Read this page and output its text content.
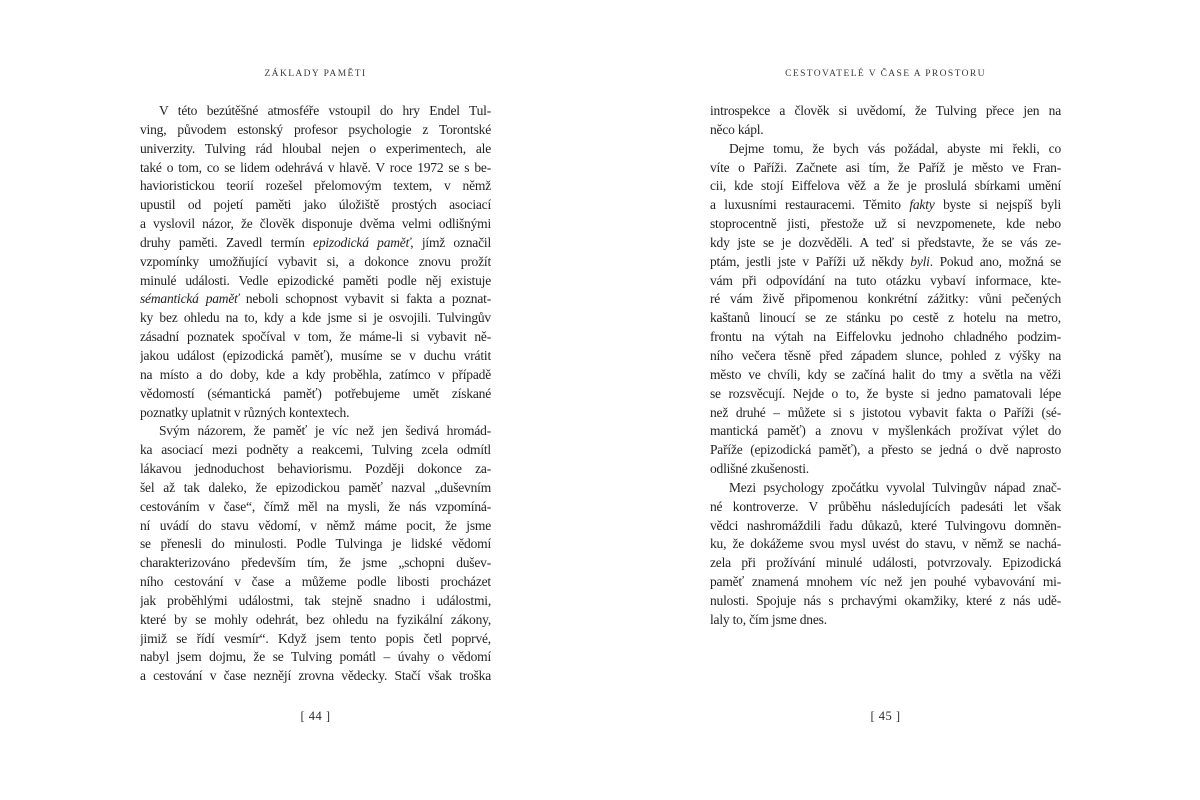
ZÁKLADY PAMĚTI
V této bezútěšné atmosféře vstoupil do hry Endel Tul-
ving, původem estonský profesor psychologie z Torontské
univerzity. Tulving rád hloubal nejen o experimentech, ale
také o tom, co se lidem odehrává v hlavě. V roce 1972 se s be-
havioristickou teorií rozešel přelomovým textem, v němž
upustil od pojetí paměti jako úložiště prostých asociací
a vyslovil názor, že člověk disponuje dvěma velmi odlišnými
druhy paměti. Zavedl termín epizodická paměť, jímž označil
vzpomínky umožňující vybavit si, a dokonce znovu prožít
minulé události. Vedle epizodické paměti podle něj existuje
sémantická paměť neboli schopnost vybavit si fakta a poznat-
ky bez ohledu na to, kdy a kde jsme si je osvojili. Tulvingův
zásadní poznatek spočíval v tom, že máme-li si vybavit ně-
jakou událost (epizodická paměť), musíme se v duchu vrátit
na místo a do doby, kde a kdy proběhla, zatímco v případě
vědomostí (sémantická paměť) potřebujeme umět získané
poznatky uplatnit v různých kontextech.
Svým názorem, že paměť je víc než jen šedivá hromád-
ka asociací mezi podněty a reakcemi, Tulving zcela odmítl
lákavou jednoduchost behaviorismu. Později dokonce za-
šel až tak daleko, že epizodickou paměť nazval „duševním
cestováním v čase“, čímž měl na mysli, že nás vzpomíná-
ní uvádí do stavu vědomí, v němž máme pocit, že jsme
se přenesli do minulosti. Podle Tulvinga je lidské vědomí
charakterizováno především tím, že jsme „schopni dušev-
ního cestování v čase a můžeme podle libosti procházet
jak proběhlými událostmi, tak stejně snadno i událostmi,
které by se mohly odehrát, bez ohledu na fyzikální zákony,
jimiž se řídí vesmír“. Když jsem tento popis četl poprvé,
nabyl jsem dojmu, že se Tulving pomátl – úvahy o vědomí
a cestování v čase neznějí zrovna vědecky. Stačí však troška
[ 44 ]
CESTOVATELÉ V ČASE A PROSTORU
introspekce a člověk si uvědomí, že Tulving přece jen na
něco kápl.
Dejme tomu, že bych vás požádal, abyste mi řekli, co
víte o Paříži. Začnete asi tím, že Paříž je město ve Fran-
cii, kde stojí Eiffelova věž a že je proslulá sbírkami umění
a luxusními restauracemi. Těmito fakty byste si nejspíš byli
stoprocentně jisti, přestože už si nevzpomenete, kde nebo
kdy jste se je dozvěděli. A teď si představte, že se vás ze-
ptám, jestli jste v Paříži už někdy byli. Pokud ano, možná se
vám při odpovídání na tuto otázku vybaví informace, kte-
ré vám živě připomenou konkrétní zážitky: vůni pečených
kaštanů linoucí se ze stánku po cestě z hotelu na metro,
frontu na výtah na Eiffelovku jednoho chladného podzim-
ního večera těsně před západem slunce, pohled z výšky na
město ve chvíli, kdy se začíná halit do tmy a světla na věži
se rozsvěcují. Nejde o to, že byste si jedno pamatovali lépe
než druhé – můžete si s jistotou vybavit fakta o Paříži (sé-
mantická paměť) a znovu v myšlenkách prožívat výlet do
Paříže (epizodická paměť), a přesto se jedná o dvě naprosto
odlišné zkušenosti.
Mezi psychology zpočátku vyvolal Tulvingův nápad znač-
né kontroverze. V průběhu následujících padesáti let však
vědci nashromáždili řadu důkazů, které Tulvingovu domněn-
ku, že dokážeme svou mysl uvést do stavu, v němž se nachá-
zela při prožívání minulé události, potvrzovaly. Epizodická
paměť znamená mnohem víc než jen pouhé vybavování mi-
nulosti. Spojuje nás s prchavými okamžiky, které z nás udě-
laly to, čím jsme dnes.
[ 45 ]
